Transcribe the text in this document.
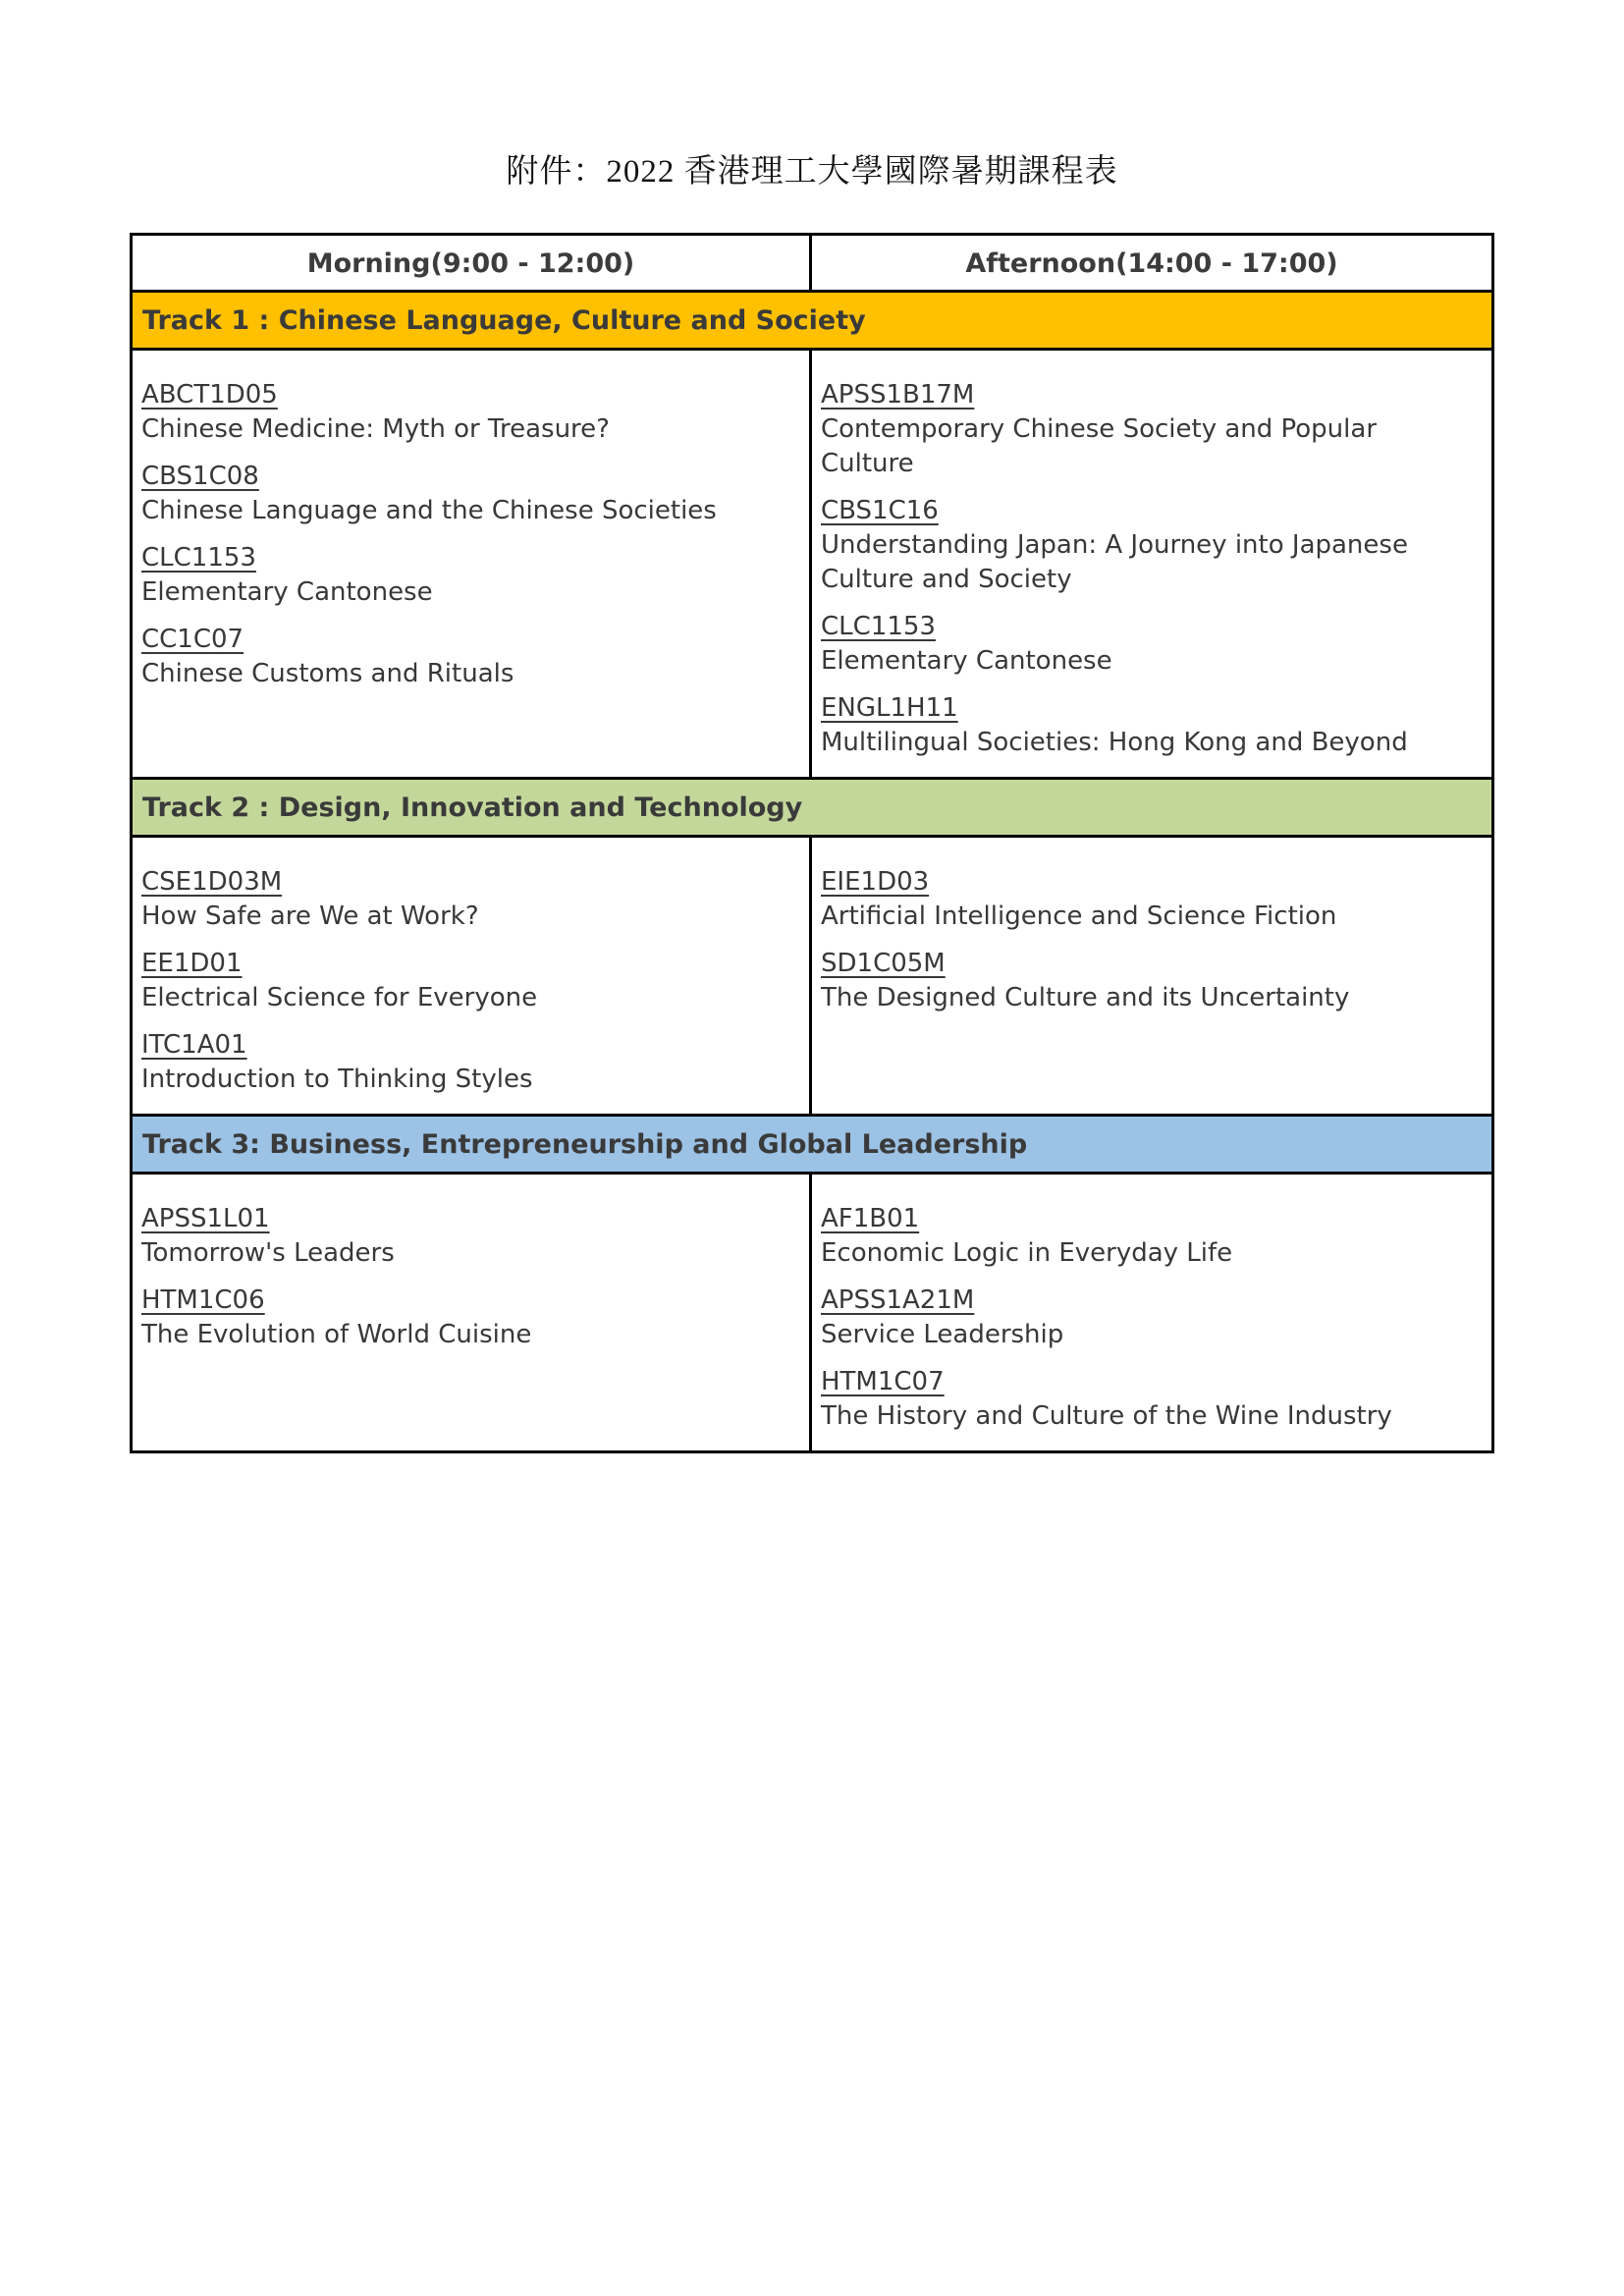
附件：2022 香港理工大學國際暑期課程表
Morning(9:00 - 12:00)	Afternoon(14:00 - 17:00)
Track 1 : Chinese Language, Culture and Society
ABCT1D05
Chinese Medicine: Myth or Treasure?
CBS1C08
Chinese Language and the Chinese Societies
CLC1153
Elementary Cantonese
CC1C07
Chinese Customs and Rituals
APSS1B17M
Contemporary Chinese Society and Popular Culture
CBS1C16
Understanding Japan: A Journey into Japanese Culture and Society
CLC1153
Elementary Cantonese
ENGL1H11
Multilingual Societies: Hong Kong and Beyond
Track 2 : Design, Innovation and Technology
CSE1D03M
How Safe are We at Work?
EE1D01
Electrical Science for Everyone
ITC1A01
Introduction to Thinking Styles
EIE1D03
Artificial Intelligence and Science Fiction
SD1C05M
The Designed Culture and its Uncertainty
Track 3: Business, Entrepreneurship and Global Leadership
APSS1L01
Tomorrow's Leaders
HTM1C06
The Evolution of World Cuisine
AF1B01
Economic Logic in Everyday Life
APSS1A21M
Service Leadership
HTM1C07
The History and Culture of the Wine Industry
